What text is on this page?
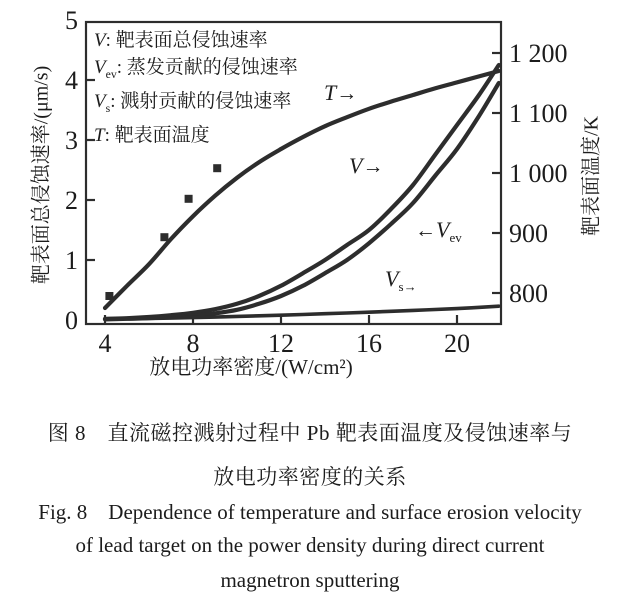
4	8	12 16 20
0
1
2
3
4
5
800
900
1 000
1 100
1 200
靶表面总侵蚀速率/(μm/s)	靶表面温度/K
放电功率密度/(W/cm²)
V: 靶表面总侵蚀速率
$V_{ev}$: 蒸发贡献的侵蚀速率
$V_s$: 溅射贡献的侵蚀速率
T: 靶表面温度
T→
V→
$\leftarrow V_{ev}$
$V_{s\to}$

图 8　直流磁控溅射过程中 Pb 靶表面温度及侵蚀速率与

放电功率密度的关系

Fig. 8　Dependence of temperature and surface erosion velocity

of lead target on the power density during direct current

magnetron sputtering
